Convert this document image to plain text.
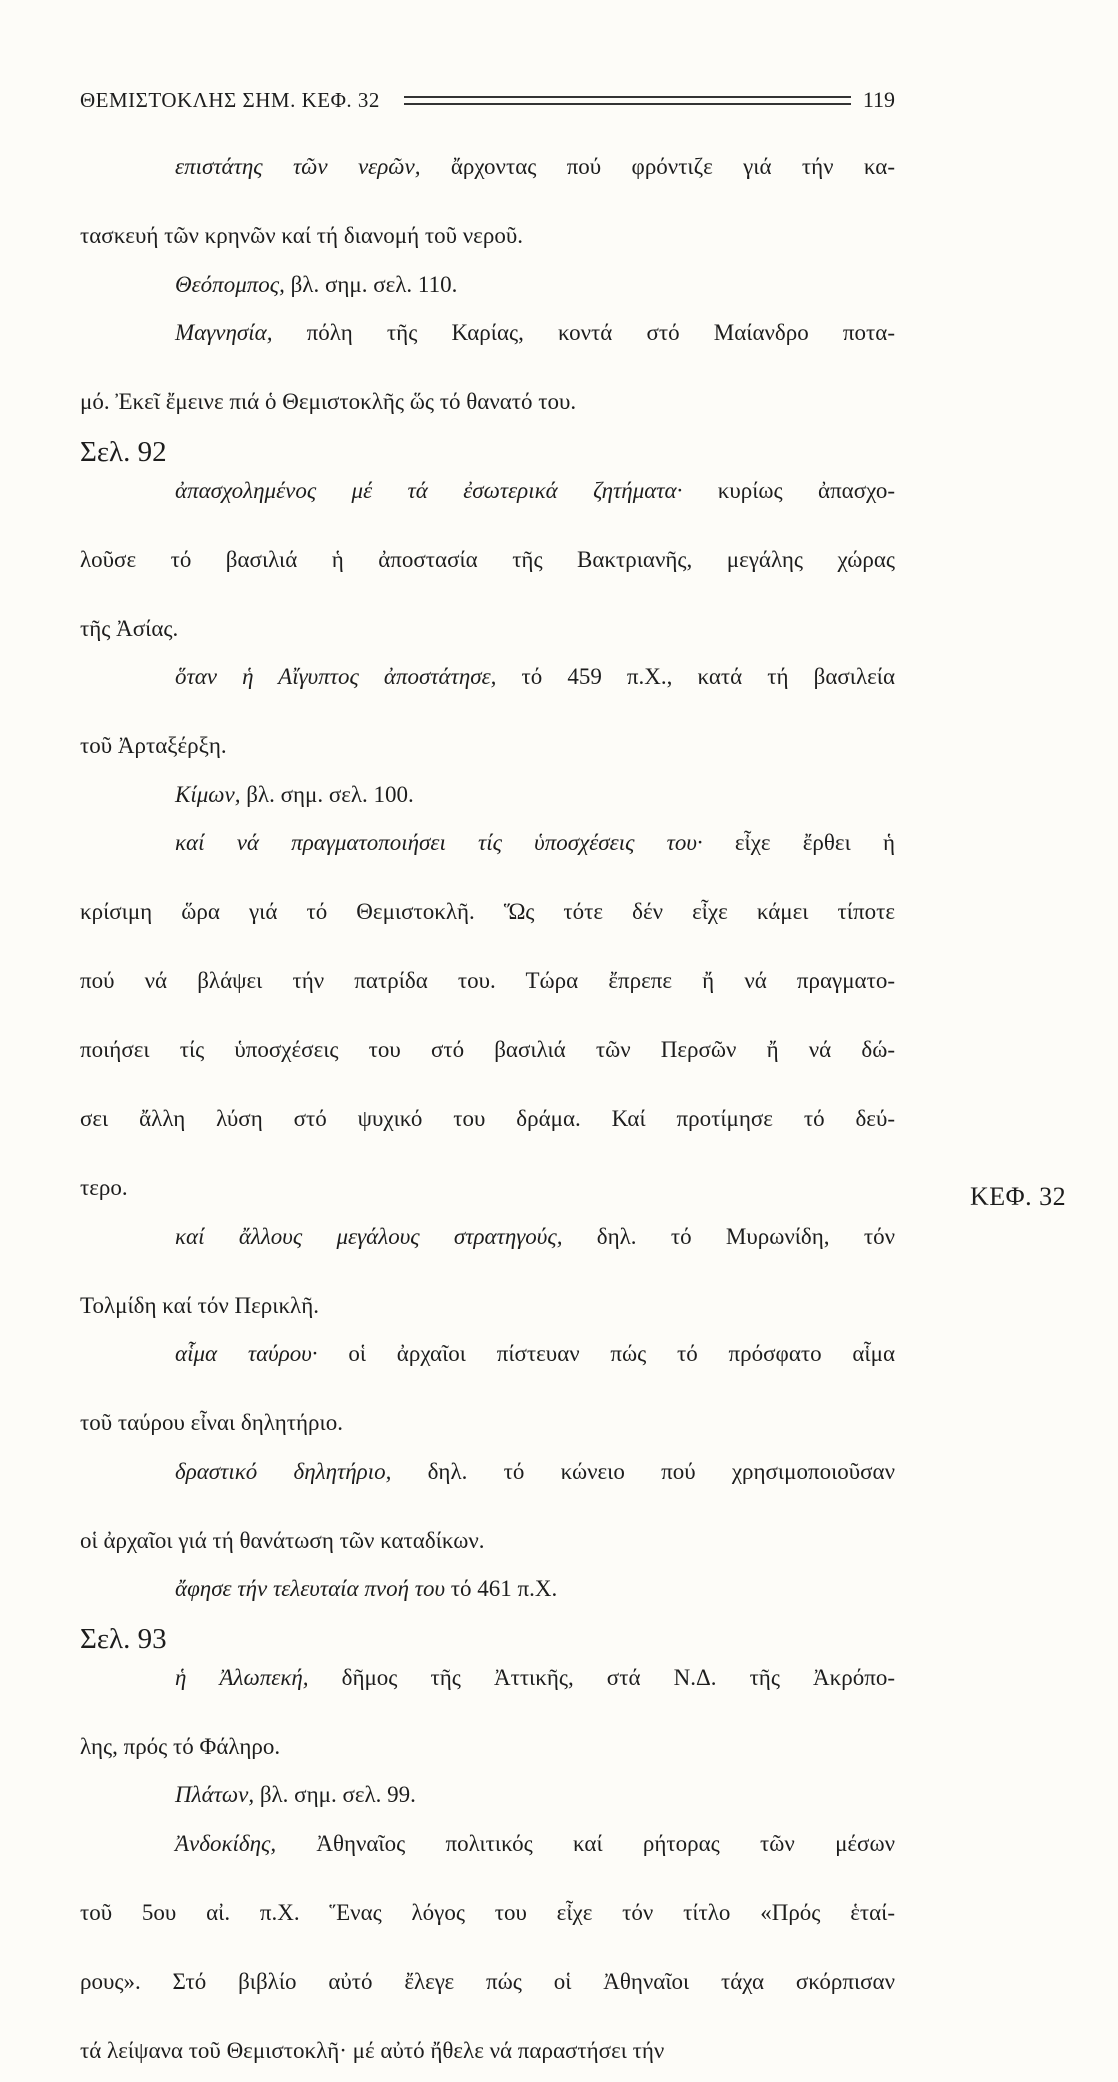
ΘΕΜΙΣΤΟΚΛΗΣ ΣΗΜ. ΚΕΦ. 32	119
επιστάτης τῶν νερῶν, ἄρχοντας πού φρόντιζε γιά τήν κα-
τασκευή τῶν κρηνῶν καί τή διανομή τοῦ νεροῦ.
Θεόπομπος, βλ. σημ. σελ. 110.
Μαγνησία, πόλη τῆς Καρίας, κοντά στό Μαίανδρο ποτα-
μό. Ἐκεῖ ἔμεινε πιά ὁ Θεμιστοκλῆς ὥς τό θανατό του.
Σελ. 92
ἀπασχολημένος μέ τά ἐσωτερικά ζητήματα· κυρίως ἀπασχο-
λοῦσε τό βασιλιά ἡ ἀποστασία τῆς Βακτριανῆς, μεγάλης χώρας
τῆς Ἀσίας.
ὅταν ἡ Αἴγυπτος ἀποστάτησε, τό 459 π.Χ., κατά τή βασιλεία
τοῦ Ἀρταξέρξη.
Κίμων, βλ. σημ. σελ. 100.
καί νά πραγματοποιήσει τίς ὑποσχέσεις του· εἶχε ἔρθει ἡ
κρίσιμη ὥρα γιά τό Θεμιστοκλῆ. Ὥς τότε δέν εἶχε κάμει τίποτε
πού νά βλάψει τήν πατρίδα του. Τώρα ἔπρεπε ἤ νά πραγματο-
ποιήσει τίς ὑποσχέσεις του στό βασιλιά τῶν Περσῶν ἤ νά δώ-
σει ἄλλη λύση στό ψυχικό του δράμα. Καί προτίμησε τό δεύ-
τερο.
καί ἄλλους μεγάλους στρατηγούς, δηλ. τό Μυρωνίδη, τόν
Τολμίδη καί τόν Περικλῆ.
αἷμα ταύρου· οἱ ἀρχαῖοι πίστευαν πώς τό πρόσφατο αἷμα
τοῦ ταύρου εἶναι δηλητήριο.
δραστικό δηλητήριο, δηλ. τό κώνειο πού χρησιμοποιοῦσαν
οἱ ἀρχαῖοι γιά τή θανάτωση τῶν καταδίκων.
ἄφησε τήν τελευταία πνοή του τό 461 π.Χ.
Σελ. 93
ἡ Ἀλωπεκή, δῆμος τῆς Ἀττικῆς, στά Ν.Δ. τῆς Ἀκρόπο-
λης, πρός τό Φάληρο.
Πλάτων, βλ. σημ. σελ. 99.
Ἀνδοκίδης, Ἀθηναῖος πολιτικός καί ρήτορας τῶν μέσων
τοῦ 5ου αἰ. π.Χ. Ἕνας λόγος του εἶχε τόν τίτλο «Πρός ἑταί-
ρους». Στό βιβλίο αὐτό ἔλεγε πώς οἱ Ἀθηναῖοι τάχα σκόρπισαν
τά λείψανα τοῦ Θεμιστοκλῆ· μέ αὐτό ἤθελε νά παραστήσει τήν
ΚΕΦ. 32
